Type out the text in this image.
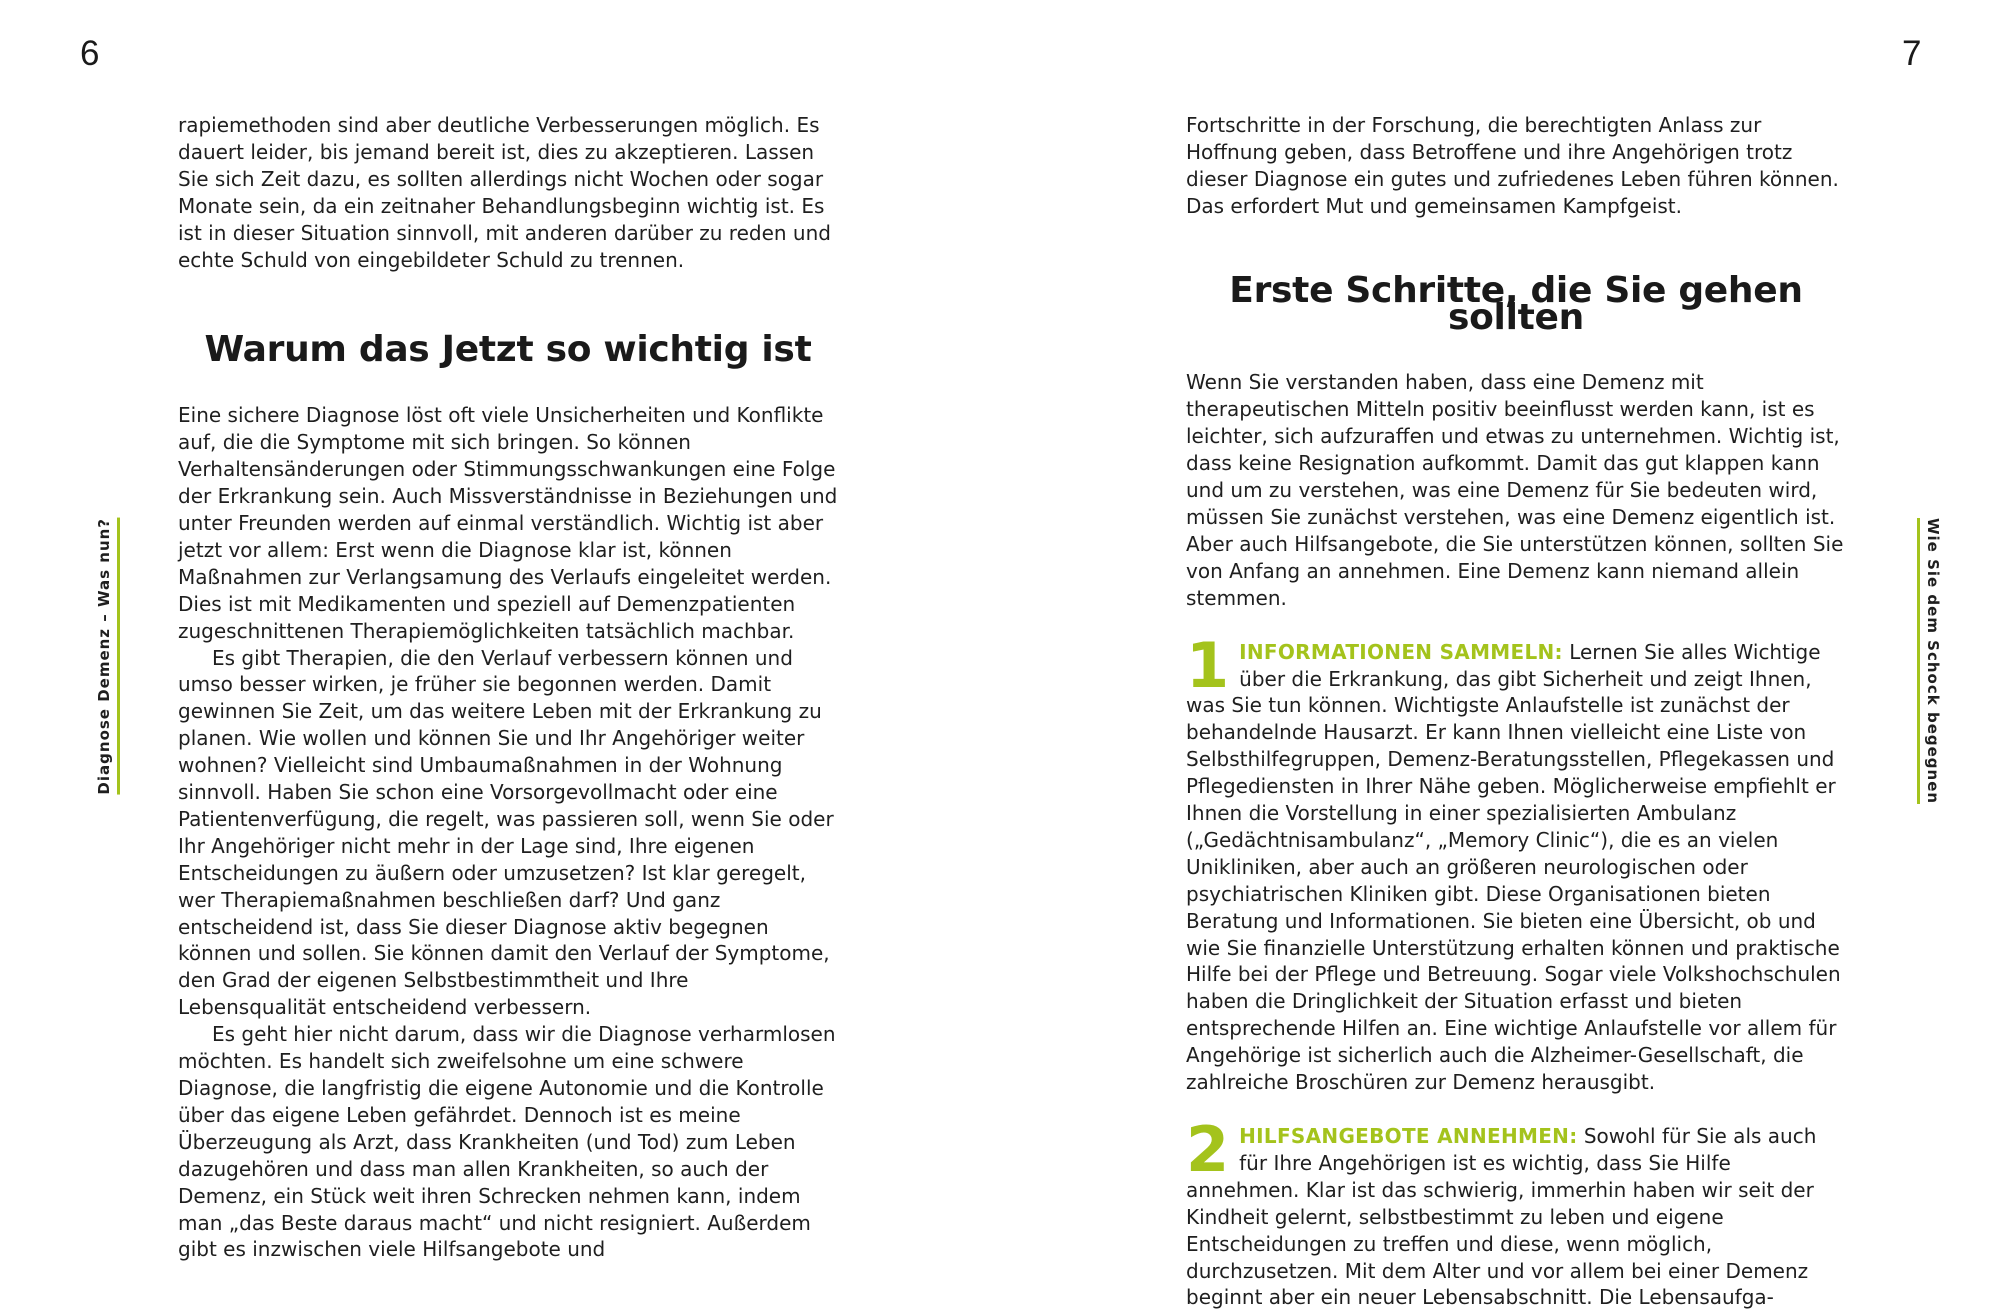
6	7
Diagnose Demenz – Was nun?	Wie Sie dem Schock begegnen

rapiemethoden sind aber deutliche Verbesserungen möglich. Es dauert leider, bis jemand bereit ist, dies zu akzeptieren. Lassen Sie sich Zeit dazu, es sollten allerdings nicht Wochen oder sogar Monate sein, da ein zeitnaher Behandlungsbeginn wichtig ist. Es ist in dieser Situation sinnvoll, mit anderen darüber zu reden und echte Schuld von eingebildeter Schuld zu trennen.

Warum das Jetzt so wichtig ist

Eine sichere Diagnose löst oft viele Unsicherheiten und Konflikte auf, die die Symptome mit sich bringen. So können Verhaltensänderungen oder Stimmungsschwankungen eine Folge der Erkrankung sein. Auch Missverständnisse in Beziehungen und unter Freunden werden auf einmal verständlich. Wichtig ist aber jetzt vor allem: Erst wenn die Diagnose klar ist, können Maßnahmen zur Verlangsamung des Verlaufs eingeleitet werden. Dies ist mit Medikamenten und speziell auf Demenzpatienten zugeschnittenen Therapiemöglichkeiten tatsächlich machbar.

Es gibt Therapien, die den Verlauf verbessern können und umso besser wirken, je früher sie begonnen werden. Damit gewinnen Sie Zeit, um das weitere Leben mit der Erkrankung zu planen. Wie wollen und können Sie und Ihr Angehöriger weiter wohnen? Vielleicht sind Umbaumaßnahmen in der Wohnung sinnvoll. Haben Sie schon eine Vorsorgevollmacht oder eine Patientenverfügung, die regelt, was passieren soll, wenn Sie oder Ihr Angehöriger nicht mehr in der Lage sind, Ihre eigenen Entscheidungen zu äußern oder umzusetzen? Ist klar geregelt, wer Therapiemaßnahmen beschließen darf? Und ganz entscheidend ist, dass Sie dieser Diagnose aktiv begegnen können und sollen. Sie können damit den Verlauf der Symptome, den Grad der eigenen Selbstbestimmtheit und Ihre Lebensqualität entscheidend verbessern.

Es geht hier nicht darum, dass wir die Diagnose verharmlosen möchten. Es handelt sich zweifelsohne um eine schwere Diagnose, die langfristig die eigene Autonomie und die Kontrolle über das eigene Leben gefährdet. Dennoch ist es meine Überzeugung als Arzt, dass Krankheiten (und Tod) zum Leben dazugehören und dass man allen Krankheiten, so auch der Demenz, ein Stück weit ihren Schrecken nehmen kann, indem man „das Beste daraus macht“ und nicht resigniert. Außerdem gibt es inzwischen viele Hilfsangebote und

Fortschritte in der Forschung, die berechtigten Anlass zur Hoffnung geben, dass Betroffene und ihre Angehörigen trotz dieser Diagnose ein gutes und zufriedenes Leben führen können. Das erfordert Mut und gemeinsamen Kampfgeist.

Erste Schritte, die Sie gehen sollten

Wenn Sie verstanden haben, dass eine Demenz mit therapeutischen Mitteln positiv beeinflusst werden kann, ist es leichter, sich aufzuraffen und etwas zu unternehmen. Wichtig ist, dass keine Resignation aufkommt. Damit das gut klappen kann und um zu verstehen, was eine Demenz für Sie bedeuten wird, müssen Sie zunächst verstehen, was eine Demenz eigentlich ist. Aber auch Hilfsangebote, die Sie unterstützen können, sollten Sie von Anfang an annehmen. Eine Demenz kann niemand allein stemmen.

1 INFORMATIONEN SAMMELN: Lernen Sie alles Wichtige über die Erkrankung, das gibt Sicherheit und zeigt Ihnen, was Sie tun können. Wichtigste Anlaufstelle ist zunächst der behandelnde Hausarzt. Er kann Ihnen vielleicht eine Liste von Selbsthilfegruppen, Demenz-Beratungsstellen, Pflegekassen und Pflegediensten in Ihrer Nähe geben. Möglicherweise empfiehlt er Ihnen die Vorstellung in einer spezialisierten Ambulanz („Gedächtnisambulanz“, „Memory Clinic“), die es an vielen Unikliniken, aber auch an größeren neurologischen oder psychiatrischen Kliniken gibt. Diese Organisationen bieten Beratung und Informationen. Sie bieten eine Übersicht, ob und wie Sie finanzielle Unterstützung erhalten können und praktische Hilfe bei der Pflege und Betreuung. Sogar viele Volkshochschulen haben die Dringlichkeit der Situation erfasst und bieten entsprechende Hilfen an. Eine wichtige Anlaufstelle vor allem für Angehörige ist sicherlich auch die Alzheimer-Gesellschaft, die zahlreiche Broschüren zur Demenz herausgibt.

2 HILFSANGEBOTE ANNEHMEN: Sowohl für Sie als auch für Ihre Angehörigen ist es wichtig, dass Sie Hilfe annehmen. Klar ist das schwierig, immerhin haben wir seit der Kindheit gelernt, selbstbestimmt zu leben und eigene Entscheidungen zu treffen und diese, wenn möglich, durchzusetzen. Mit dem Alter und vor allem bei einer Demenz beginnt aber ein neuer Lebensabschnitt. Die Lebensaufga-
